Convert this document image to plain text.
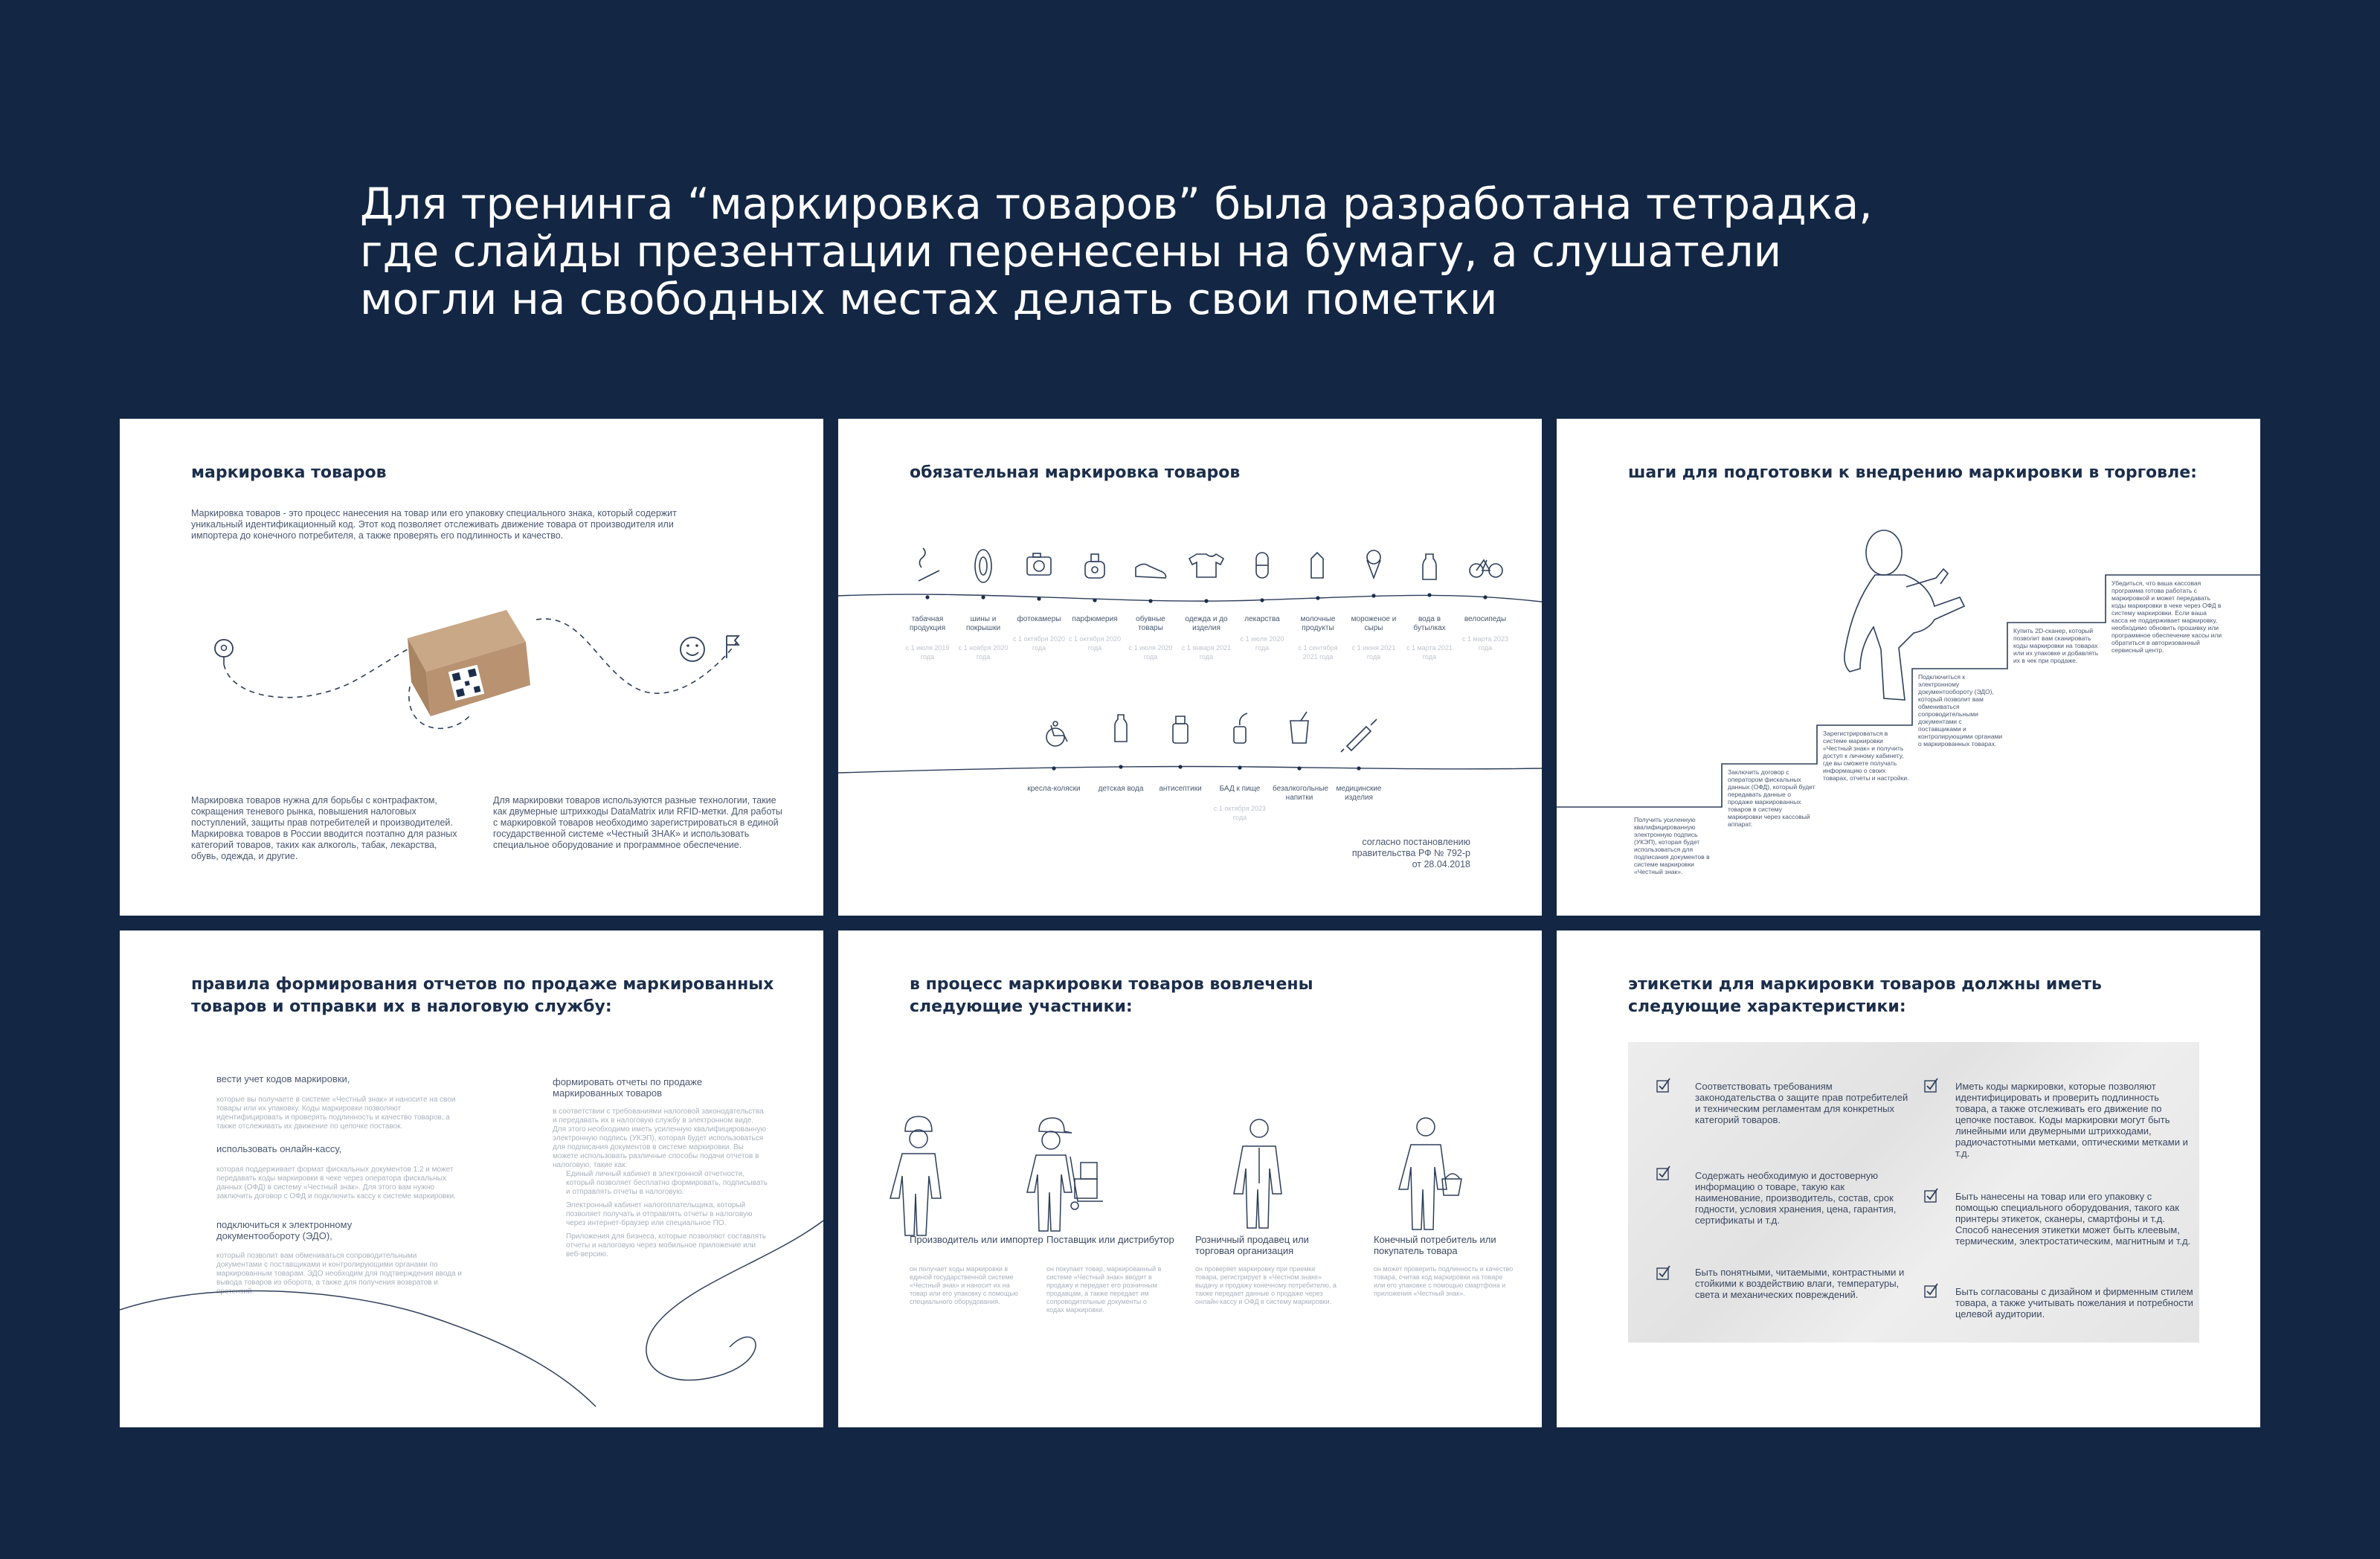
Для тренинга “маркировка товаров” была разработана тетрадка,
где слайды презентации перенесены на бумагу, а слушатели
могли на свободных местах делать свои пометки
маркировка товаров

Маркировка товаров - это процесс нанесения на товар или его упаковку специального знака, который содержит уникальный идентификационный код. Этот код позволяет отслеживать движение товара от производителя или импортера до конечного потребителя, а также проверять его подлинность и качество.

Маркировка товаров нужна для борьбы с контрафактом, сокращения теневого рынка, повышения налоговых поступлений, защиты прав потребителей и производителей. Маркировка товаров в России вводится поэтапно для разных категорий товаров, таких как алкоголь, табак, лекарства, обувь, одежда, и другие.

Для маркировки товаров используются разные технологии, такие как двумерные штрихкоды DataMatrix или RFID-метки. Для работы с маркировкой товаров необходимо зарегистрироваться в единой государственной системе «Честный ЗНАК» и использовать специальное оборудование и программное обеспечение.

обязательная маркировка товаров
табачная продукция
с 1 июля 2019 года
шины и покрышки
с 1 ноября 2020 года
фотокамеры
с 1 октября 2020 года
парфюмерия
с 1 октября 2020 года
обувные товары
с 1 июля 2020 года
одежда и до изделия
с 1 января 2021 года
лекарства
с 1 июля 2020 года
молочные продукты
с 1 сентября 2021 года
мороженое и сыры
с 1 июня 2021 года
вода в бутылках
с 1 марта 2021 года
велосипеды
с 1 марта 2023 года
кресла-коляски	детская вода	антисептики	БАД к пище
с 1 октября 2023 года
безалкогольные напитки
медицинские изделия

согласно постановлению правительства РФ № 792-р от 28.04.2018

шаги для подготовки к внедрению маркировки в торговле:
Получить усиленную квалифицированную электронную подпись (УКЭП), которая будет использоваться для подписания документов в системе маркировки «Честный знак».
Заключить договор с оператором фискальных данных (ОФД), который будет передавать данные о продаже маркированных товаров в систему маркировки через кассовый аппарат.
Зарегистрироваться в системе маркировки «Честный знак» и получить доступ к личному кабинету, где вы сможете получать информацию о своих товарах, отчеты и настройки.
Подключиться к электронному документообороту (ЭДО), который позволит вам обмениваться сопроводительными документами с поставщиками и контролирующими органами о маркированных товарах.
Купить 2D-сканер, который позволит вам сканировать коды маркировки на товарах или их упаковке и добавлять их в чек при продаже.
Убедиться, что ваша кассовая программа готова работать с маркировкой и может передавать коды маркировки в чеке через ОФД в систему маркировки. Если ваша касса не поддерживает маркировку, необходимо обновить прошивку или программное обеспечение кассы или обратиться в авторизованный сервисный центр.
правила формирования отчетов по продаже маркированных товаров и отправки их в налоговую службу:

вести учет кодов маркировки,

которые вы получаете в системе «Честный знак» и наносите на свои товары или их упаковку. Коды маркировки позволяют идентифицировать и проверять подлинность и качество товаров, а также отслеживать их движение по цепочке поставок.

использовать онлайн-кассу,

которая поддерживает формат фискальных документов 1.2 и может передавать коды маркировки в чеке через оператора фискальных данных (ОФД) в систему «Честный знак». Для этого вам нужно заключить договор с ОФД и подключить кассу к системе маркировки.

подключиться к электронному документообороту (ЭДО),

который позволит вам обмениваться сопроводительными документами с поставщиками и контролирующими органами по маркированным товарам. ЭДО необходим для подтверждения ввода и вывода товаров из оборота, а также для получения возвратов и претензий.

формировать отчеты по продаже маркированных товаров

в соответствии с требованиями налоговой законодательства и передавать их в налоговую службу в электронном виде. Для этого необходимо иметь усиленную квалифицированную электронную подпись (УКЭП), которая будет использоваться для подписания документов в системе маркировки. Вы можете использовать различные способы подачи отчетов в налоговую, такие как:

Единый личный кабинет в электронной отчетности, который позволяет бесплатно формировать, подписывать и отправлять отчеты в налоговую.

Электронный кабинет налогоплательщика, который позволяет получать и отправлять отчеты в налоговую через интернет-браузер или специальное ПО.

Приложения для бизнеса, которые позволяют составлять отчеты и налоговую через мобильное приложение или веб-версию.

в процесс маркировки товаров вовлечены следующие участники:
Производитель или импортер
он получает коды маркировки в единой государственной системе «Честный знак» и наносит их на товар или его упаковку с помощью специального оборудования.
Поставщик или дистрибутор
он покупает товар, маркированный в системе «Честный знак» вводит в продажу и передает его розничным продавцам, а также передает им сопроводительные документы о кодах маркировки.
Розничный продавец или торговая организация
он проверяет маркировку при приемке товара, регистрирует в «Честном знаке» выдачу и продажу конечному потребителю, а также передает данные о продаже через онлайн-кассу и ОФД в систему маркировки.
Конечный потребитель или покупатель товара
он может проверить подлинность и качество товара, считав код маркировки на товаре или его упаковке с помощью смартфона и приложения «Честный знак».
этикетки для маркировки товаров должны иметь следующие характеристики:
Соответствовать требованиям законодательства о защите прав потребителей и техническим регламентам для конкретных категорий товаров.
Содержать необходимую и достоверную информацию о товаре, такую как наименование, производитель, состав, срок годности, условия хранения, цена, гарантия, сертификаты и т.д.
Быть понятными, читаемыми, контрастными и стойкими к воздействию влаги, температуры, света и механических повреждений.
Иметь коды маркировки, которые позволяют идентифицировать и проверить подлинность товара, а также отслеживать его движение по цепочке поставок. Коды маркировки могут быть линейными или двумерными штрихкодами, радиочастотными метками, оптическими метками и т.д.
Быть нанесены на товар или его упаковку с помощью специального оборудования, такого как принтеры этикеток, сканеры, смартфоны и т.д. Способ нанесения этикетки может быть клеевым, термическим, электростатическим, магнитным и т.д.
Быть согласованы с дизайном и фирменным стилем товара, а также учитывать пожелания и потребности целевой аудитории.
